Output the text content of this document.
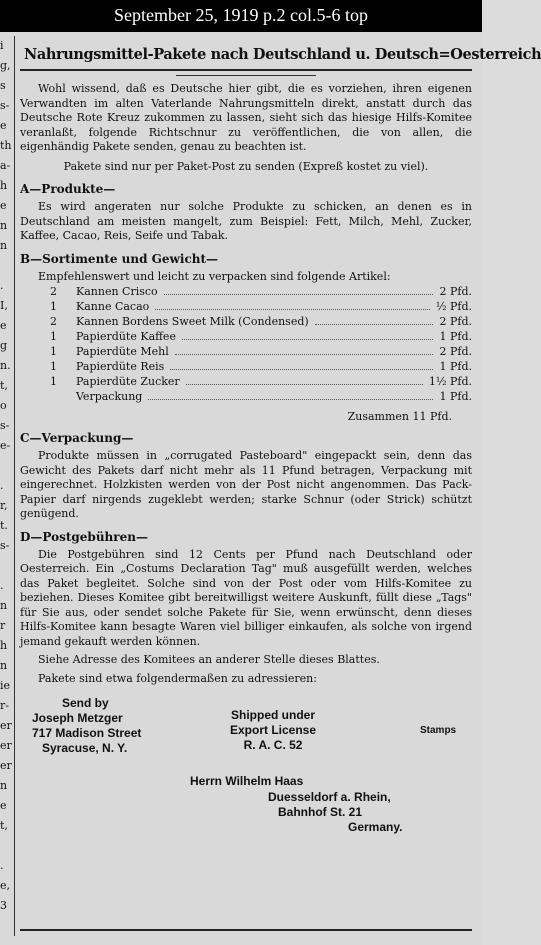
September 25, 1919 p.2 col.5-6 top
i
g,
s
s-
e
th
a-
h
e
n
n
.
I,
e
g
n.
t,
o
s-
e-
.
r,
t.
s-
.
n
r
h
n
ie
r-
er
er
er
n
e
t,
.
e,
3
Nahrungsmittel-Pakete nach Deutschland u. Deutsch=Oesterreich

Wohl wissend, daß es Deutsche hier gibt, die es vorziehen, ihren eigenen Verwandten im alten Vaterlande Nahrungsmitteln direkt, anstatt durch das Deutsche Rote Kreuz zukommen zu lassen, sieht sich das hiesige Hilfs-Komitee veranlaßt, folgende Richtschnur zu veröffentlichen, die von allen, die eigenhändig Pakete senden, genau zu beachten ist.

Pakete sind nur per Paket-Post zu senden (Expreß kostet zu viel).

A—Produkte—

Es wird angeraten nur solche Produkte zu schicken, an denen es in Deutschland am meisten mangelt, zum Beispiel: Fett, Milch, Mehl, Zucker, Kaffee, Cacao, Reis, Seife und Tabak.

B—Sortimente und Gewicht—

Empfehlenswert und leicht zu verpacken sind folgende Artikel:

2	Kannen Crisco	2 Pfd.
1	Kanne Cacao	½ Pfd.
2	Kannen Bordens Sweet Milk (Condensed)	2 Pfd.
1	Papierdüte Kaffee	1 Pfd.
1	Papierdüte Mehl	2 Pfd.
1	Papierdüte Reis	1 Pfd.
1	Papierdüte Zucker	1½ Pfd.
Verpackung	1 Pfd.
Zusammen 11 Pfd.
C—Verpackung—

Produkte müssen in „corrugated Pasteboard" eingepackt sein, denn das Gewicht des Pakets darf nicht mehr als 11 Pfund betragen, Verpackung mit eingerechnet. Holzkisten werden von der Post nicht angenommen. Das Pack-Papier darf nirgends zugeklebt werden; starke Schnur (oder Strick) schützt genügend.

D—Postgebühren—

Die Postgebühren sind 12 Cents per Pfund nach Deutschland oder Oesterreich. Ein „Costums Declaration Tag" muß ausgefüllt werden, welches das Paket begleitet. Solche sind von der Post oder vom Hilfs-Komitee zu beziehen. Dieses Komitee gibt bereitwilligst weitere Auskunft, füllt diese „Tags" für Sie aus, oder sendet solche Pakete für Sie, wenn erwünscht, denn dieses Hilfs-Komitee kann besagte Waren viel billiger einkaufen, als solche von irgend jemand gekauft werden können.

Siehe Adresse des Komitees an anderer Stelle dieses Blattes.

Pakete sind etwa folgendermaßen zu adressieren:

Send by
Joseph Metzger
717 Madison Street
Syracuse, N. Y.
Shipped under
Export License
R. A. C. 52
Stamps
Herrn Wilhelm Haas
Duesseldorf a. Rhein,
Bahnhof St. 21
Germany.
